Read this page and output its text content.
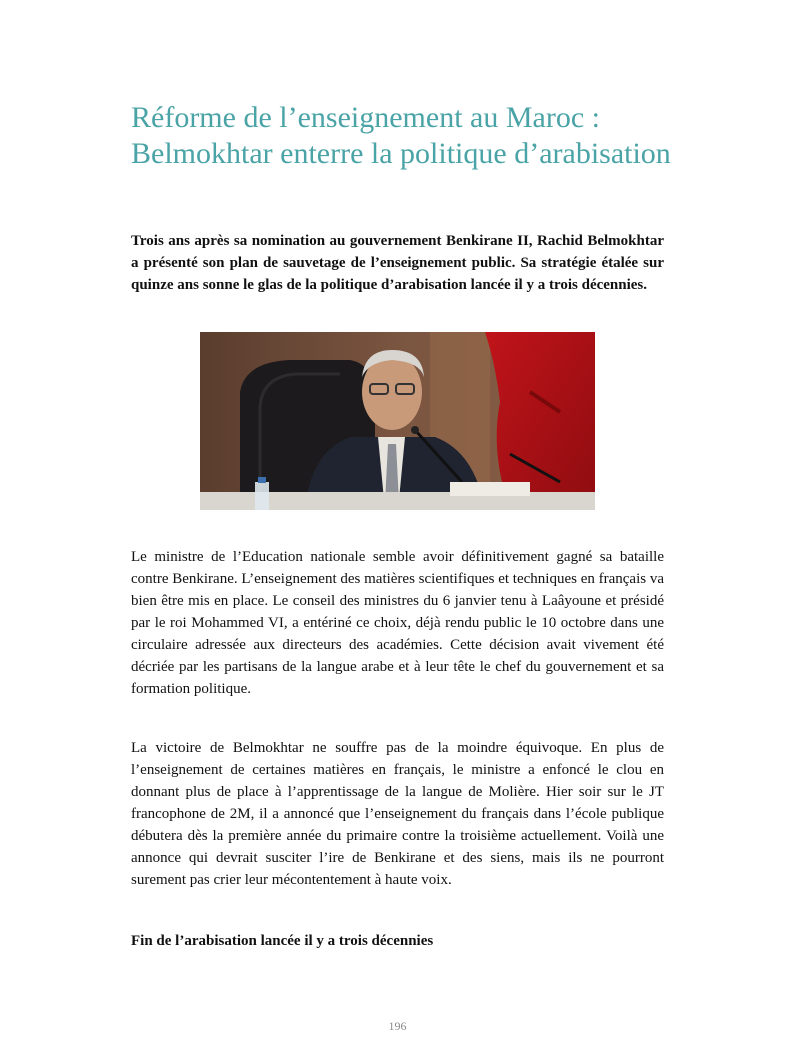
Réforme de l’enseignement au Maroc : Belmokhtar enterre la politique d’arabisation

Trois ans après sa nomination au gouvernement Benkirane II, Rachid Belmokhtar a présenté son plan de sauvetage de l’enseignement public. Sa stratégie étalée sur quinze ans sonne le glas de la politique d’arabisation lancée il y a trois décennies.

Le ministre de l’Education nationale semble avoir définitivement gagné sa bataille contre Benkirane. L’enseignement des matières scientifiques et techniques en français va bien être mis en place. Le conseil des ministres du 6 janvier tenu à Laâyoune et présidé par le roi Mohammed VI, a entériné ce choix, déjà rendu public le 10 octobre dans une circulaire adressée aux directeurs des académies. Cette décision avait vivement été décriée par les partisans de la langue arabe et à leur tête le chef du gouvernement et sa formation politique.

La victoire de Belmokhtar ne souffre pas de la moindre équivoque. En plus de l’enseignement de certaines matières en français, le ministre a enfoncé le clou en donnant plus de place à l’apprentissage de la langue de Molière. Hier soir sur le JT francophone de 2M, il a annoncé que l’enseignement du français dans l’école publique débutera dès la première année du primaire contre la troisième actuellement. Voilà une annonce qui devrait susciter l’ire de Benkirane et des siens, mais ils ne pourront surement pas crier leur mécontentement à haute voix.

Fin de l’arabisation lancée il y a trois décennies

196
